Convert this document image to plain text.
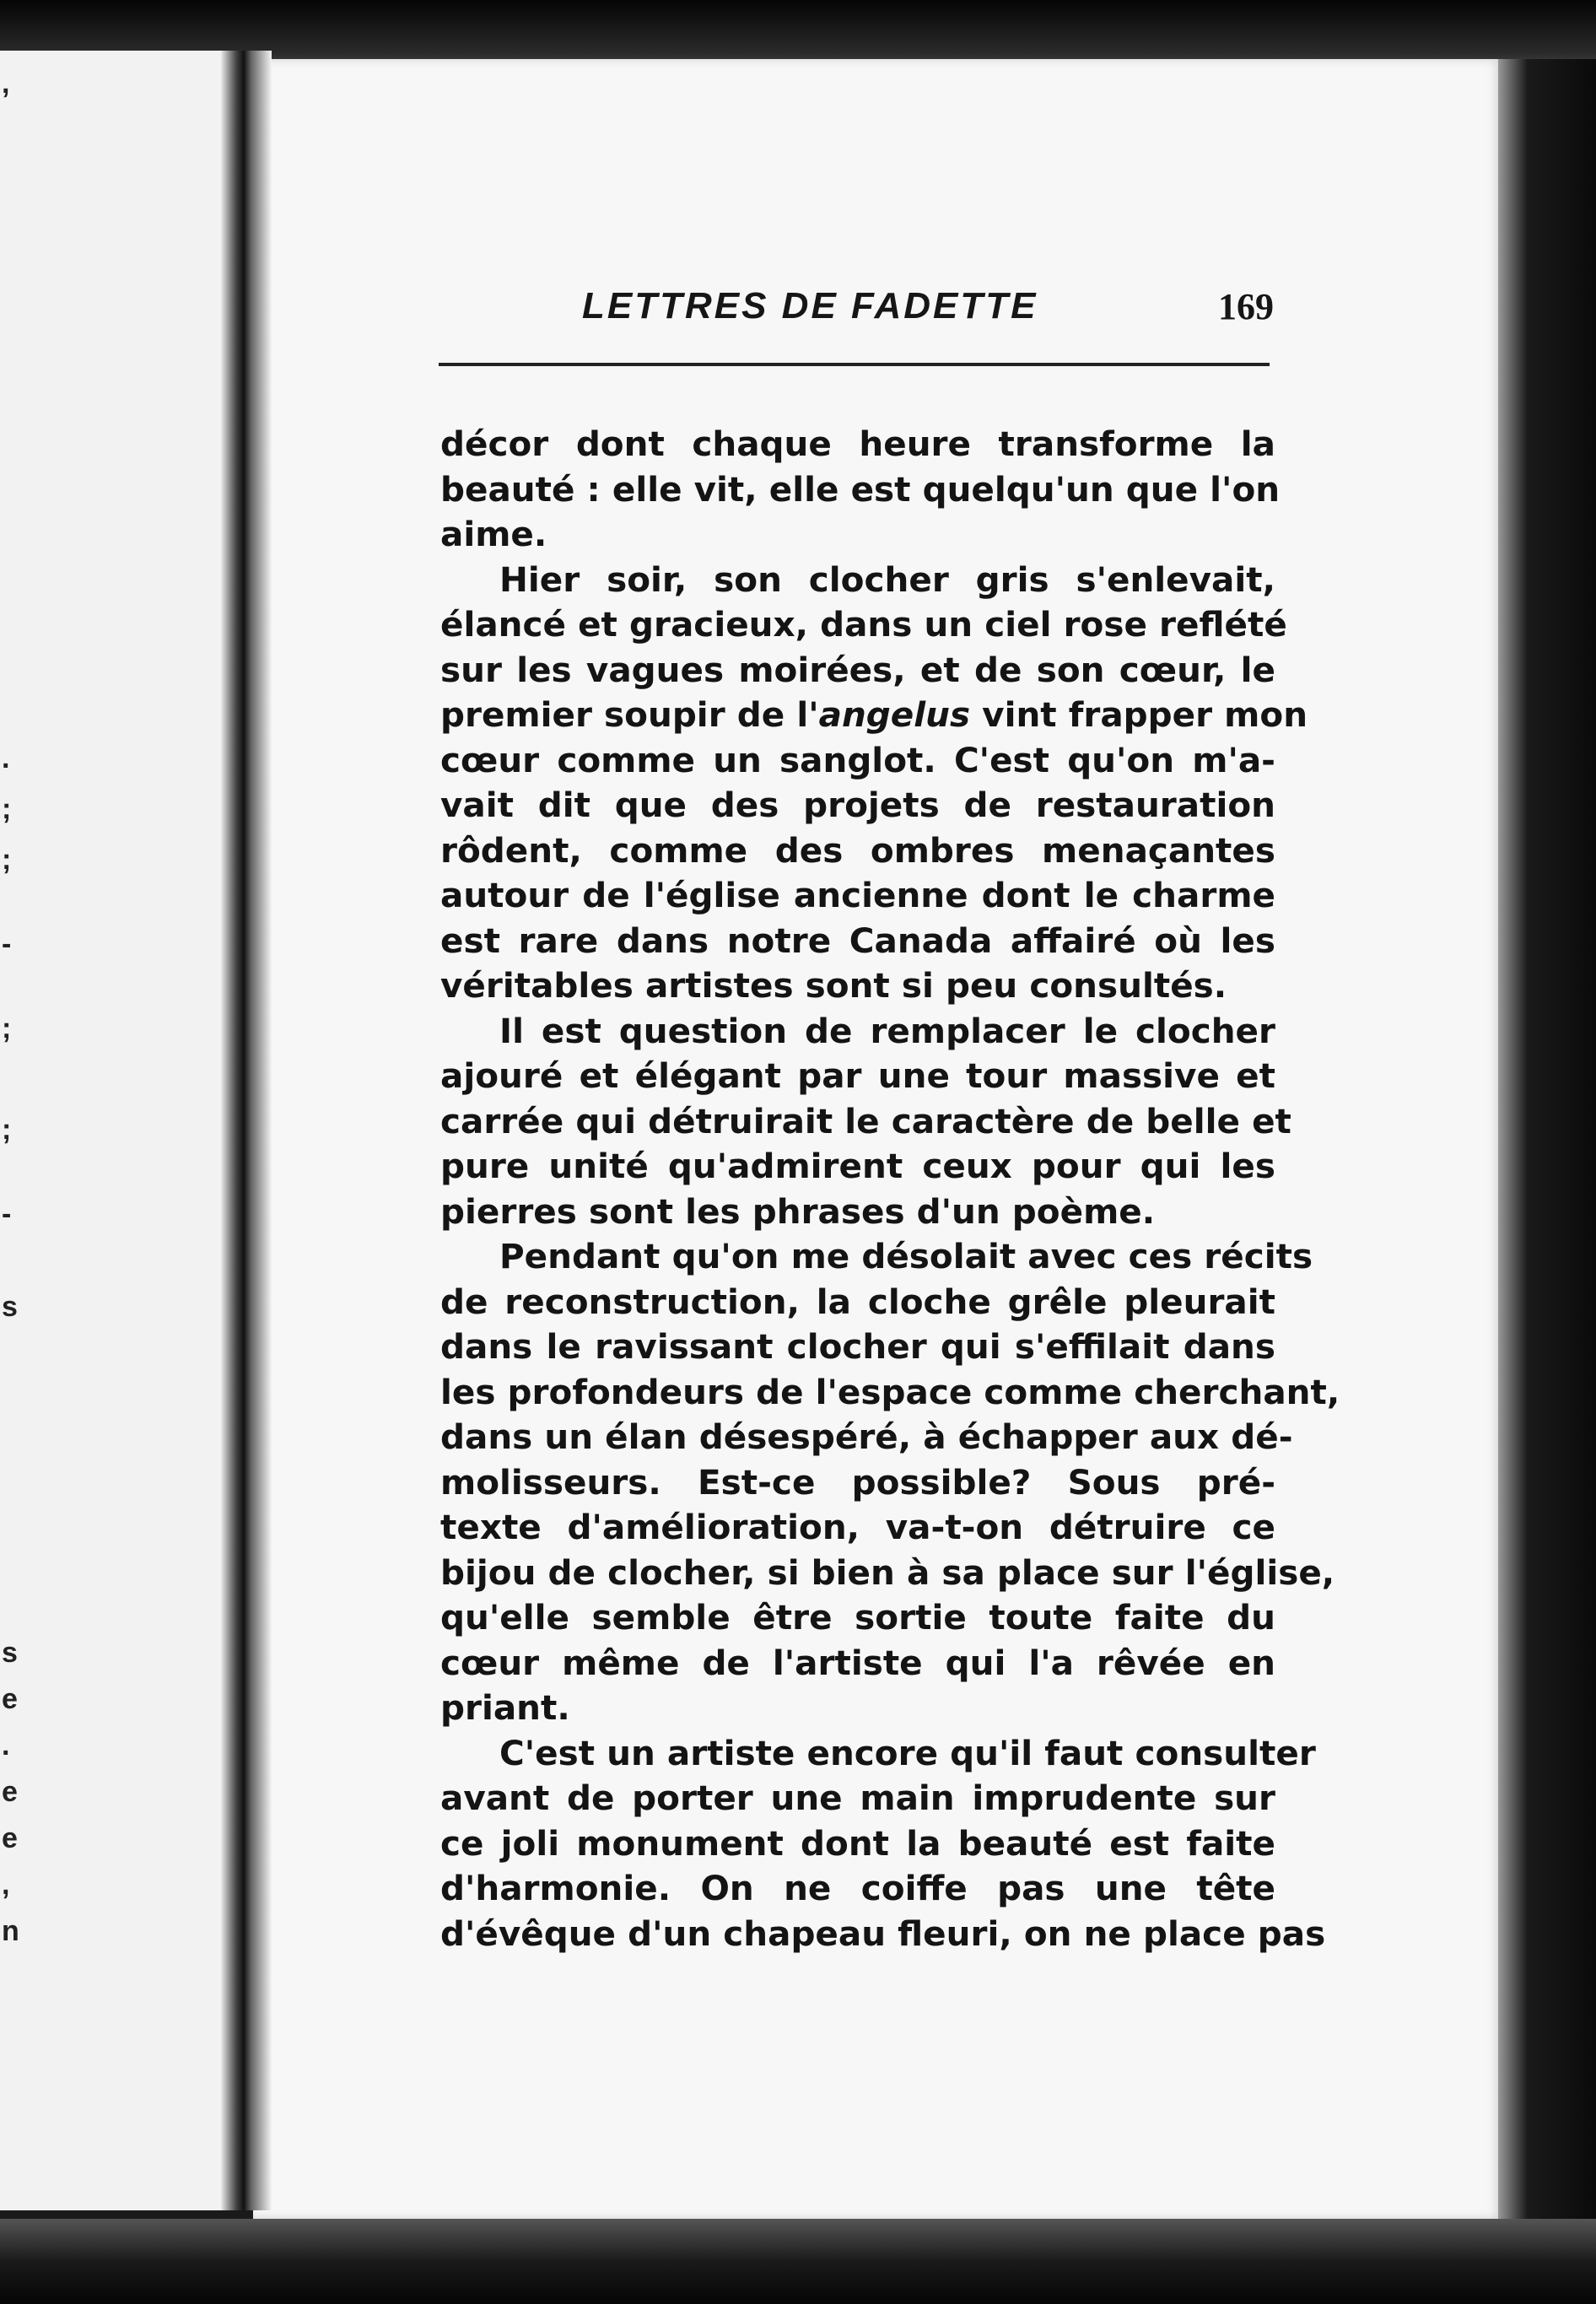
,
.
;
;
-
;
;
-
s
s
e
.
e
e
,
n
LETTRES DE FADETTE	169
décor dont chaque heure transforme la
beauté : elle vit, elle est quelqu'un que l'on
aime.
Hier soir, son clocher gris s'enlevait,
élancé et gracieux, dans un ciel rose reflété
sur les vagues moirées, et de son cœur, le
premier soupir de l'angelus vint frapper mon
cœur comme un sanglot. C'est qu'on m'a-
vait dit que des projets de restauration
rôdent, comme des ombres menaçantes
autour de l'église ancienne dont le charme
est rare dans notre Canada affairé où les
véritables artistes sont si peu consultés.
Il est question de remplacer le clocher
ajouré et élégant par une tour massive et
carrée qui détruirait le caractère de belle et
pure unité qu'admirent ceux pour qui les
pierres sont les phrases d'un poème.
Pendant qu'on me désolait avec ces récits
de reconstruction, la cloche grêle pleurait
dans le ravissant clocher qui s'effilait dans
les profondeurs de l'espace comme cherchant,
dans un élan désespéré, à échapper aux dé-
molisseurs. Est-ce possible? Sous pré-
texte d'amélioration, va-t-on détruire ce
bijou de clocher, si bien à sa place sur l'église,
qu'elle semble être sortie toute faite du
cœur même de l'artiste qui l'a rêvée en
priant.
C'est un artiste encore qu'il faut consulter
avant de porter une main imprudente sur
ce joli monument dont la beauté est faite
d'harmonie. On ne coiffe pas une tête
d'évêque d'un chapeau fleuri, on ne place pas
